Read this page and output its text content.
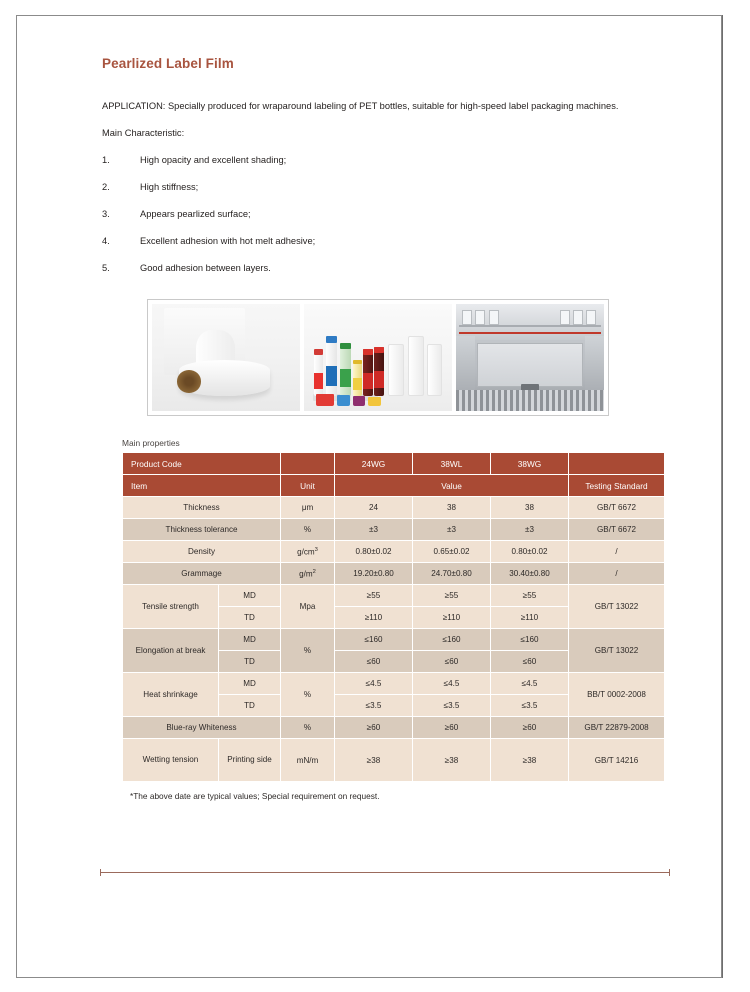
Pearlized Label Film

APPLICATION: Specially produced for wraparound labeling of PET bottles, suitable for high-speed label packaging machines.

Main Characteristic:

1.	High opacity and excellent shading;
2.	High stiffness;
3.	Appears pearlized surface;
4.	Excellent adhesion with hot melt adhesive;
5.	Good adhesion between layers.
Main properties
Product Code			24WG	38WL	38WG	
Item		Unit	Value			Testing Standard
Thickness		μm	24	38	38	GB/T 6672
Thickness tolerance		%	±3	±3	±3	GB/T 6672
Density		$g/cm^3$	0.80±0.02	0.65±0.02	0.80±0.02	/
Grammage		$g/m^2$	19.20±0.80	24.70±0.80	30.40±0.80	/
Tensile strength	MD	Mpa	≥55	≥55	≥55	GB/T 13022
	TD		≥110	≥110	≥110	
Elongation at break	MD	%	≤160	≤160	≤160	GB/T 13022
	TD		≤60	≤60	≤60	
Heat shrinkage	MD	%	≤4.5	≤4.5	≤4.5	BB/T 0002-2008
	TD		≤3.5	≤3.5	≤3.5	
Blue-ray Whiteness		%	≥60	≥60	≥60	GB/T 22879-2008
Wetting tension	Printing side	mN/m	≥38	≥38	≥38	GB/T 14216
*The above date are typical values; Special requirement on request.
